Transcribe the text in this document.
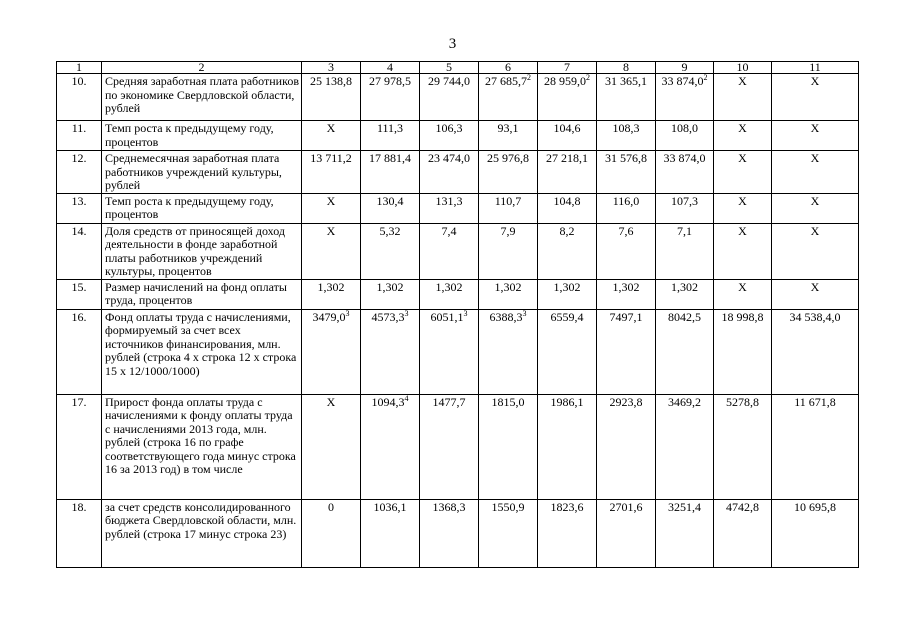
3
1	2	3	4	5	6	7	8	9	10	11
10.	Средняя заработная плата работников по экономике Свердловской области, рублей	25 138,8	27 978,5	29 744,0	27 685,7$^2$	28 959,0$^2$	31 365,1	33 874,0$^2$	X	X
11.	Темп роста к предыдущему году, процентов	X	111,3	106,3	93,1	104,6	108,3	108,0	X	X
12.	Среднемесячная заработная плата работников учреждений культуры, рублей	13 711,2	17 881,4	23 474,0	25 976,8	27 218,1	31 576,8	33 874,0	X	X
13.	Темп роста к предыдущему году, процентов	X	130,4	131,3	110,7	104,8	116,0	107,3	X	X
14.	Доля средств от приносящей доход деятельности в фонде заработной платы работников учреждений культуры, процентов	X	5,32	7,4	7,9	8,2	7,6	7,1	X	X
15.	Размер начислений на фонд оплаты труда, процентов	1,302	1,302	1,302	1,302	1,302	1,302	1,302	X	X
16.	Фонд оплаты труда с начислениями, формируемый за счет всех источников финансирования, млн. рублей (строка 4 x строка 12 x строка 15 x 12/1000/1000)	3479,0$^3$	4573,3$^3$	6051,1$^3$	6388,3$^3$	6559,4	7497,1	8042,5	18 998,8	34 538,4,0
17.	Прирост фонда оплаты труда с начислениями к фонду оплаты труда с начислениями 2013 года, млн. рублей (строка 16 по графе соответствующего года минус строка 16 за 2013 год) в том числе	X	1094,3$^4$	1477,7	1815,0	1986,1	2923,8	3469,2	5278,8	11 671,8
18.	за счет средств консолидированного бюджета Свердловской области, млн. рублей (строка 17 минус строка 23)	0	1036,1	1368,3	1550,9	1823,6	2701,6	3251,4	4742,8	10 695,8
